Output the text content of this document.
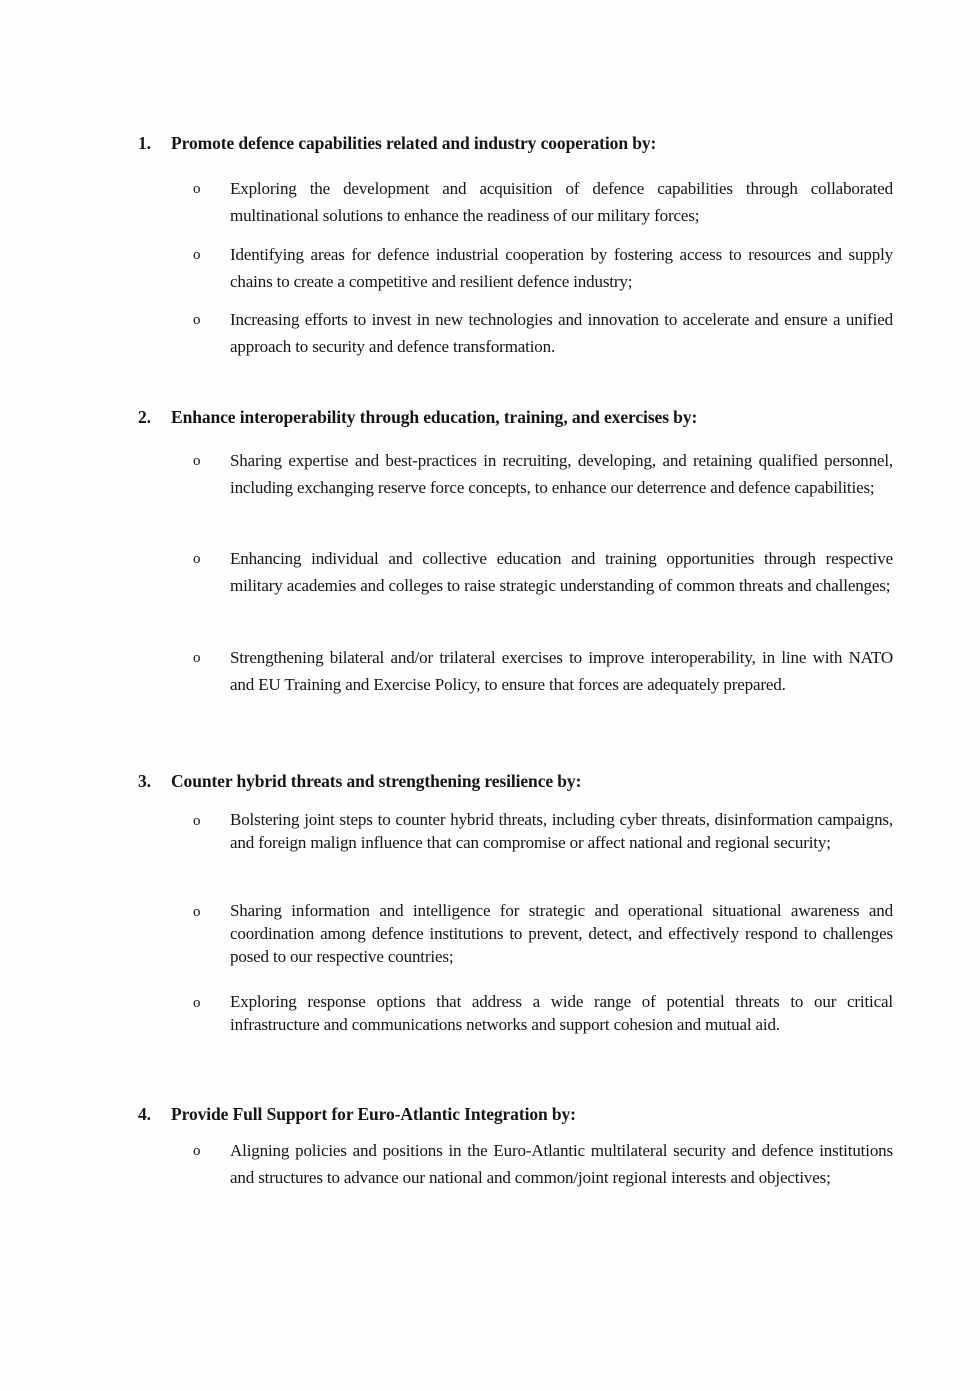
1.	Promote defence capabilities related and industry cooperation by:
o Exploring the development and acquisition of defence capabilities through collaborated multinational solutions to enhance the readiness of our military forces;
o Identifying areas for defence industrial cooperation by fostering access to resources and supply chains to create a competitive and resilient defence industry;
o Increasing efforts to invest in new technologies and innovation to accelerate and ensure a unified approach to security and defence transformation.
2.	Enhance interoperability through education, training, and exercises by:
o Sharing expertise and best-practices in recruiting, developing, and retaining qualified personnel, including exchanging reserve force concepts, to enhance our deterrence and defence capabilities;
o Enhancing individual and collective education and training opportunities through respective military academies and colleges to raise strategic understanding of common threats and challenges;
o Strengthening bilateral and/or trilateral exercises to improve interoperability, in line with NATO and EU Training and Exercise Policy, to ensure that forces are adequately prepared.
3.	Counter hybrid threats and strengthening resilience by:
o Bolstering joint steps to counter hybrid threats, including cyber threats, disinformation campaigns, and foreign malign influence that can compromise or affect national and regional security;
o Sharing information and intelligence for strategic and operational situational awareness and coordination among defence institutions to prevent, detect, and effectively respond to challenges posed to our respective countries;
o Exploring response options that address a wide range of potential threats to our critical infrastructure and communications networks and support cohesion and mutual aid.
4.	Provide Full Support for Euro-Atlantic Integration by:
o Aligning policies and positions in the Euro-Atlantic multilateral security and defence institutions and structures to advance our national and common/joint regional interests and objectives;
